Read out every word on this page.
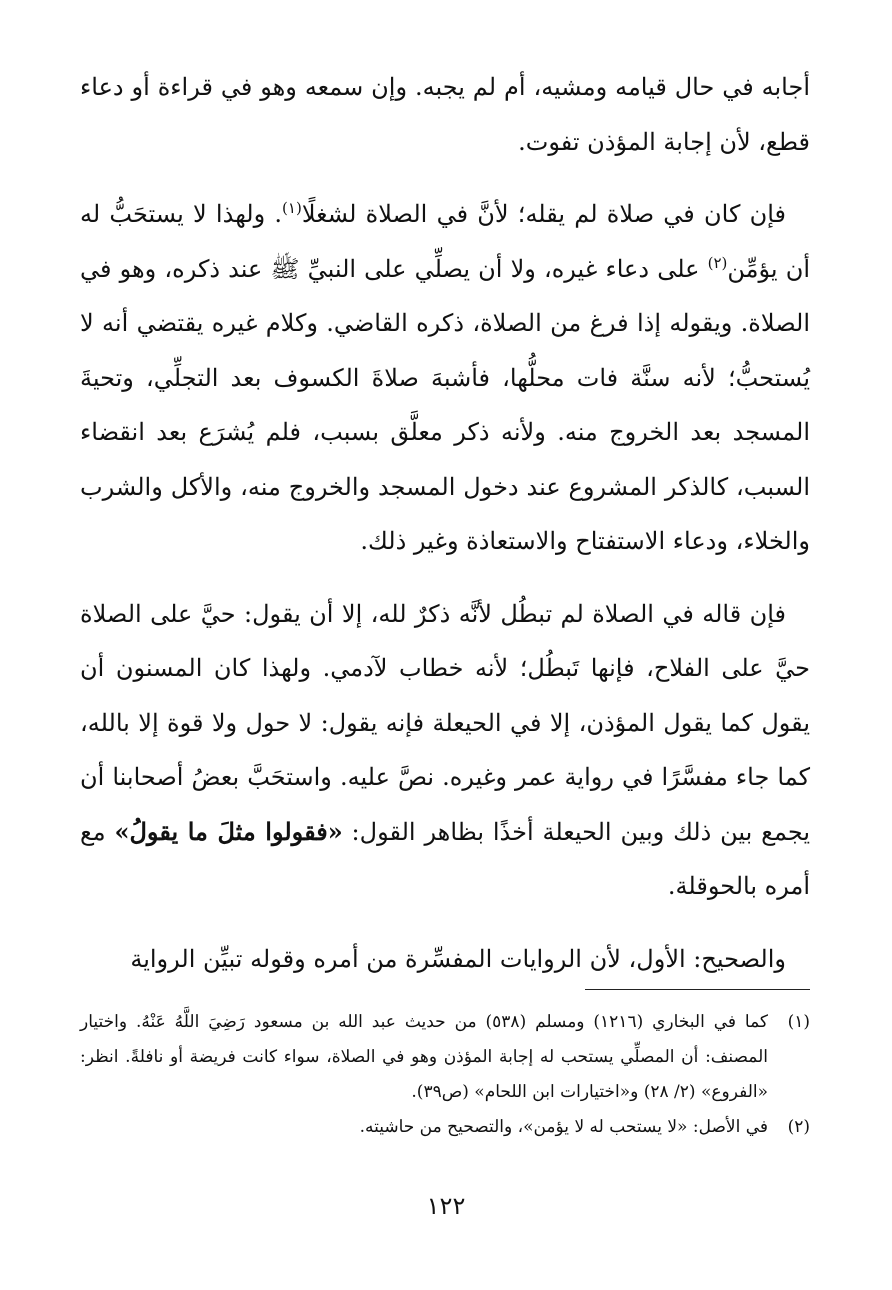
أجابه في حال قيامه ومشيه، أم لم يجبه. وإن سمعه وهو في قراءة أو دعاء قطع، لأن إجابة المؤذن تفوت.

فإن كان في صلاة لم يقله؛ لأنَّ في الصلاة لشغلًا$^{(١)}$. ولهذا لا يستحَبُّ له أن يؤمِّن$^{(٢)}$ على دعاء غيره، ولا أن يصلِّي على النبيِّ ﷺ عند ذكره، وهو في الصلاة. ويقوله إذا فرغ من الصلاة، ذكره القاضي. وكلام غيره يقتضي أنه لا يُستحبُّ؛ لأنه سنَّة فات محلُّها، فأشبهَ صلاةَ الكسوف بعد التجلِّي، وتحيةَ المسجد بعد الخروج منه. ولأنه ذكر معلَّق بسبب، فلم يُشرَع بعد انقضاء السبب، كالذكر المشروع عند دخول المسجد والخروج منه، والأكل والشرب والخلاء، ودعاء الاستفتاح والاستعاذة وغير ذلك.

فإن قاله في الصلاة لم تبطُل لأنَّه ذكرٌ لله، إلا أن يقول: حيَّ على الصلاة حيَّ على الفلاح، فإنها تَبطُل؛ لأنه خطاب لآدمي. ولهذا كان المسنون أن يقول كما يقول المؤذن، إلا في الحيعلة فإنه يقول: لا حول ولا قوة إلا بالله، كما جاء مفسَّرًا في رواية عمر وغيره. نصَّ عليه. واستحَبَّ بعضُ أصحابنا أن يجمع بين ذلك وبين الحيعلة أخذًا بظاهر القول: «فقولوا مثلَ ما يقولُ» مع أمره بالحوقلة.

والصحيح: الأول، لأن الروايات المفسِّرة من أمره وقوله تبيِّن الرواية

(١)
كما في البخاري (١٢١٦) ومسلم (٥٣٨) من حديث عبد الله بن مسعود رَضِيَ اللَّهُ عَنْهُ. واختيار المصنف: أن المصلِّي يستحب له إجابة المؤذن وهو في الصلاة، سواء كانت فريضة أو نافلةً. انظر: «الفروع» (٢/ ٢٨) و«اختيارات ابن اللحام» (ص٣٩).
(٢)
في الأصل: «لا يستحب له لا يؤمن»، والتصحيح من حاشيته.
١٢٢
